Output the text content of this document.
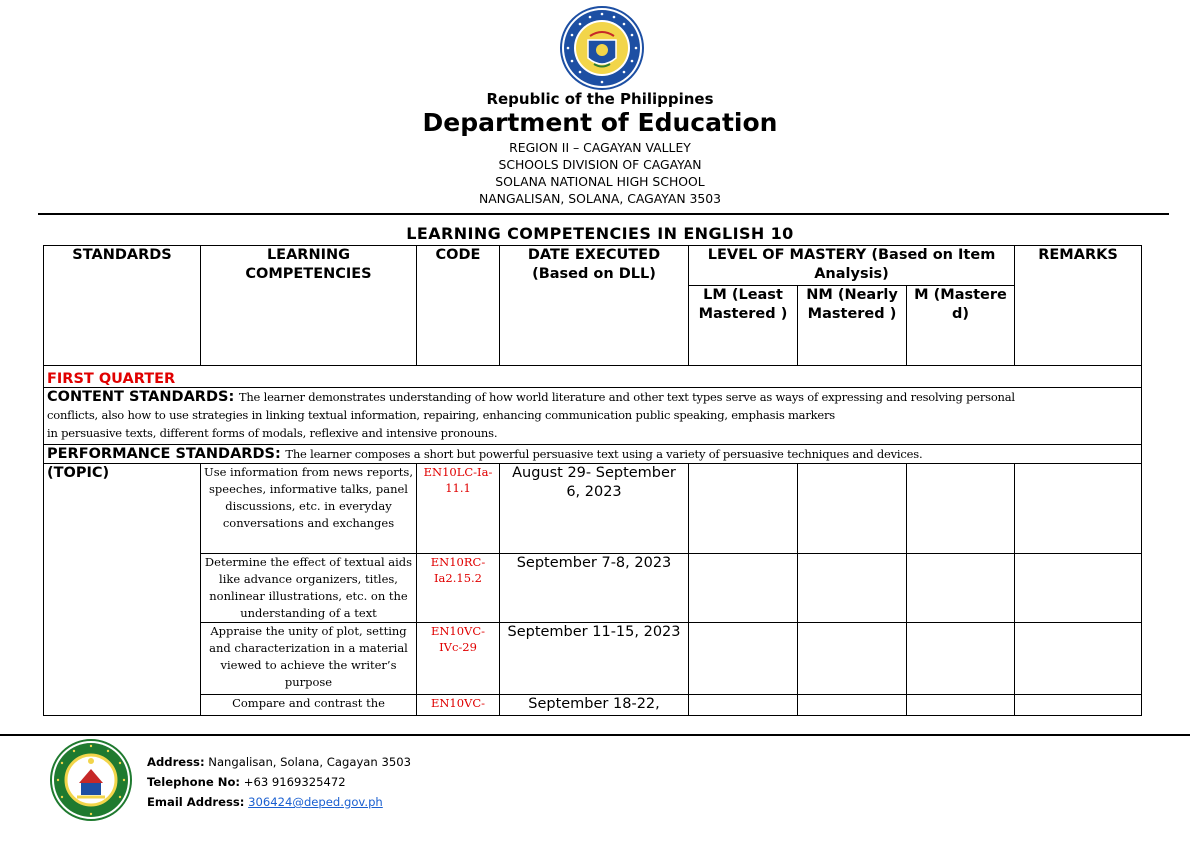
Republic of the Philippines
Department of Education
REGION II – CAGAYAN VALLEY
SCHOOLS DIVISION OF CAGAYAN
SOLANA NATIONAL HIGH SCHOOL
NANGALISAN, SOLANA, CAGAYAN 3503
LEARNING COMPETENCIES IN ENGLISH 10
STANDARDS	LEARNING COMPETENCIES	CODE	DATE EXECUTED (Based on DLL)	LEVEL OF MASTERY (Based on Item Analysis)			REMARKS
				LM (Least Mastered )	NM (Nearly Mastered )	M (Mastere d)	

FIRST QUARTER							

CONTENT STANDARDS: The learner demonstrates understanding of how world literature and other text types serve as ways of expressing and resolving personal
conflicts, also how to use strategies in linking textual information, repairing, enhancing communication public speaking, emphasis markers
in persuasive texts, different forms of modals, reflexive and intensive pronouns.							
PERFORMANCE STANDARDS: The learner composes a short but powerful persuasive text using a variety of persuasive techniques and devices.							
(TOPIC)	Use information from news reports, speeches, informative talks, panel discussions, etc. in everyday conversations and exchanges	EN10LC-Ia-11.1	August 29- September 6, 2023				
	Determine the effect of textual aids like advance organizers, titles, nonlinear illustrations, etc. on the understanding of a text	EN10RC-Ia2.15.2	September 7-8, 2023				
	Appraise the unity of plot, setting and characterization in a material viewed to achieve the writer’s purpose	EN10VC-IVc-29	September 11-15, 2023				
	Compare and contrast the	EN10VC-	September 18-22,				
Address: Nangalisan, Solana, Cagayan 3503
Telephone No: +63 9169325472
Email Address: 306424@deped.gov.ph
